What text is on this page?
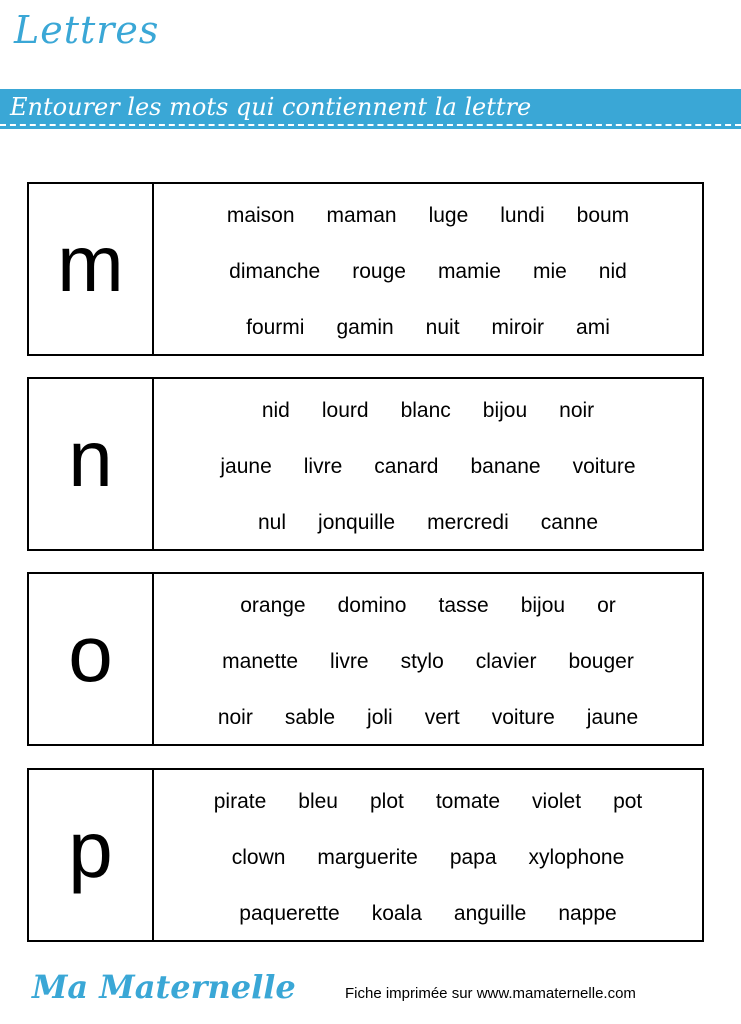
Lettres
Entourer les mots qui contiennent la lettre
m
maison maman luge lundi boum
dimanche rouge mamie mie nid
fourmi gamin nuit miroir ami
n
nid lourd blanc bijou noir
jaune livre canard banane voiture
nul jonquille mercredi canne
o
orange domino tasse bijou or
manette livre stylo clavier bouger
noir sable joli vert voiture jaune
p
pirate bleu plot tomate violet pot
clown marguerite papa xylophone
paquerette koala anguille nappe
Ma Maternelle	Fiche imprimée sur www.mamaternelle.com
